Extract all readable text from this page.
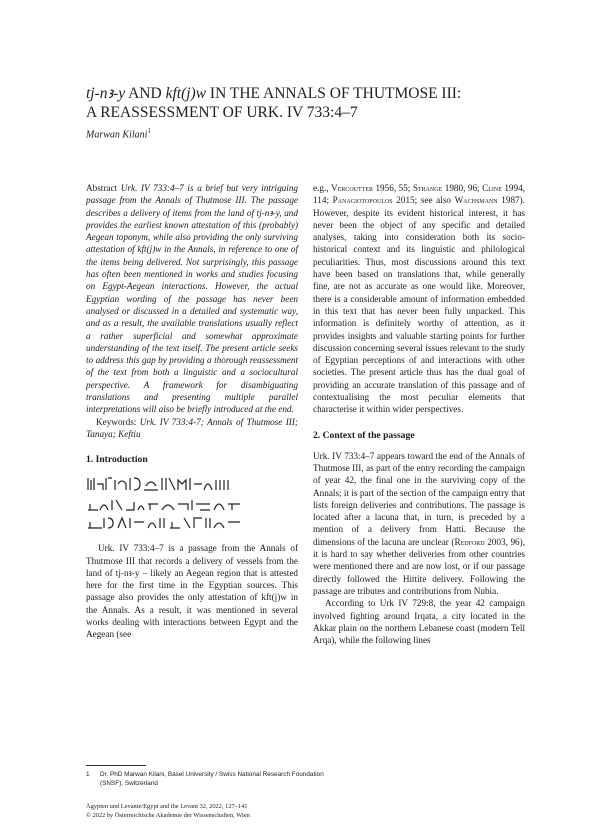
tj-nꜣ-y AND kft(j)w IN THE ANNALS OF THUTMOSE III:
A REASSESSMENT OF URK. IV 733:4–7
Marwan Kilani$^1$

Abstract Urk. IV 733:4–7 is a brief but very intriguing passage from the Annals of Thutmose III. The passage describes a delivery of items from the land of tj-nꜣ-y, and provides the earliest known attestation of this (probably) Aegean toponym, while also providing the only surviving attestation of kft(j)w in the Annals, in reference to one of the items being delivered. Not surprisingly, this passage has often been mentioned in works and studies focusing on Egypt-Aegean interactions. However, the actual Egyptian wording of the passage has never been analysed or discussed in a detailed and systematic way, and as a result, the available translations usually reflect a rather superficial and somewhat approximate understanding of the text itself. The present article seeks to address this gap by providing a thorough reassessment of the text from both a linguistic and a sociocultural perspective. A framework for disambiguating translations and presenting multiple parallel interpretations will also be briefly introduced at the end.

Keywords: Urk. IV 733:4-7; Annals of Thutmose III; Tanaya; Keftiu

1. Introduction

Urk. IV 733:4–7 is a passage from the Annals of Thutmose III that records a delivery of vessels from the land of tj-nꜣ-y – likely an Aegean region that is attested here for the first time in the Egyptian sources. This passage also provides the only attestation of kft(j)w in the Annals. As a result, it was mentioned in several works dealing with interactions between Egypt and the Aegean (see

e.g., Vercoutter 1956, 55; Strange 1980, 96; Cline 1994, 114; Panagiotopoulos 2015; see also Wachsmann 1987). However, despite its evident historical interest, it has never been the object of any specific and detailed analyses, taking into consideration both its socio-historical context and its linguistic and philological peculiarities. Thus, most discussions around this text have been based on translations that, while generally fine, are not as accurate as one would like. Moreover, there is a considerable amount of information embedded in this text that has never been fully unpacked. This information is definitely worthy of attention, as it provides insights and valuable starting points for further discussion concerning several issues relevant to the study of Egyptian perceptions of and interactions with other societies. The present article thus has the dual goal of providing an accurate translation of this passage and of contextualising the most peculiar elements that characterise it within wider perspectives.

2. Context of the passage

Urk. IV 733:4–7 appears toward the end of the Annals of Thutmose III, as part of the entry recording the campaign of year 42, the final one in the surviving copy of the Annals; it is part of the section of the campaign entry that lists foreign deliveries and contributions. The passage is located after a lacuna that, in turn, is preceded by a mention of a delivery from Hatti. Because the dimensions of the lacuna are unclear (Redford 2003, 96), it is hard to say whether deliveries from other countries were mentioned there and are now lost, or if our passage directly followed the Hittite delivery. Following the passage are tributes and contributions from Nubia.

According to Urk IV 729:8, the year 42 campaign involved fighting around Irqata, a city located in the Akkar plain on the northern Lebanese coast (modern Tell Arqa), while the following lines

1 Dr. PhD Marwan Kilani, Basel University / Swiss National Research Foundation (SNSF), Switzerland
Ägypten und Levante/Egypt and the Levant 32, 2022, 127–141
© 2022 by Österreichische Akademie der Wissenschaften, Wien
